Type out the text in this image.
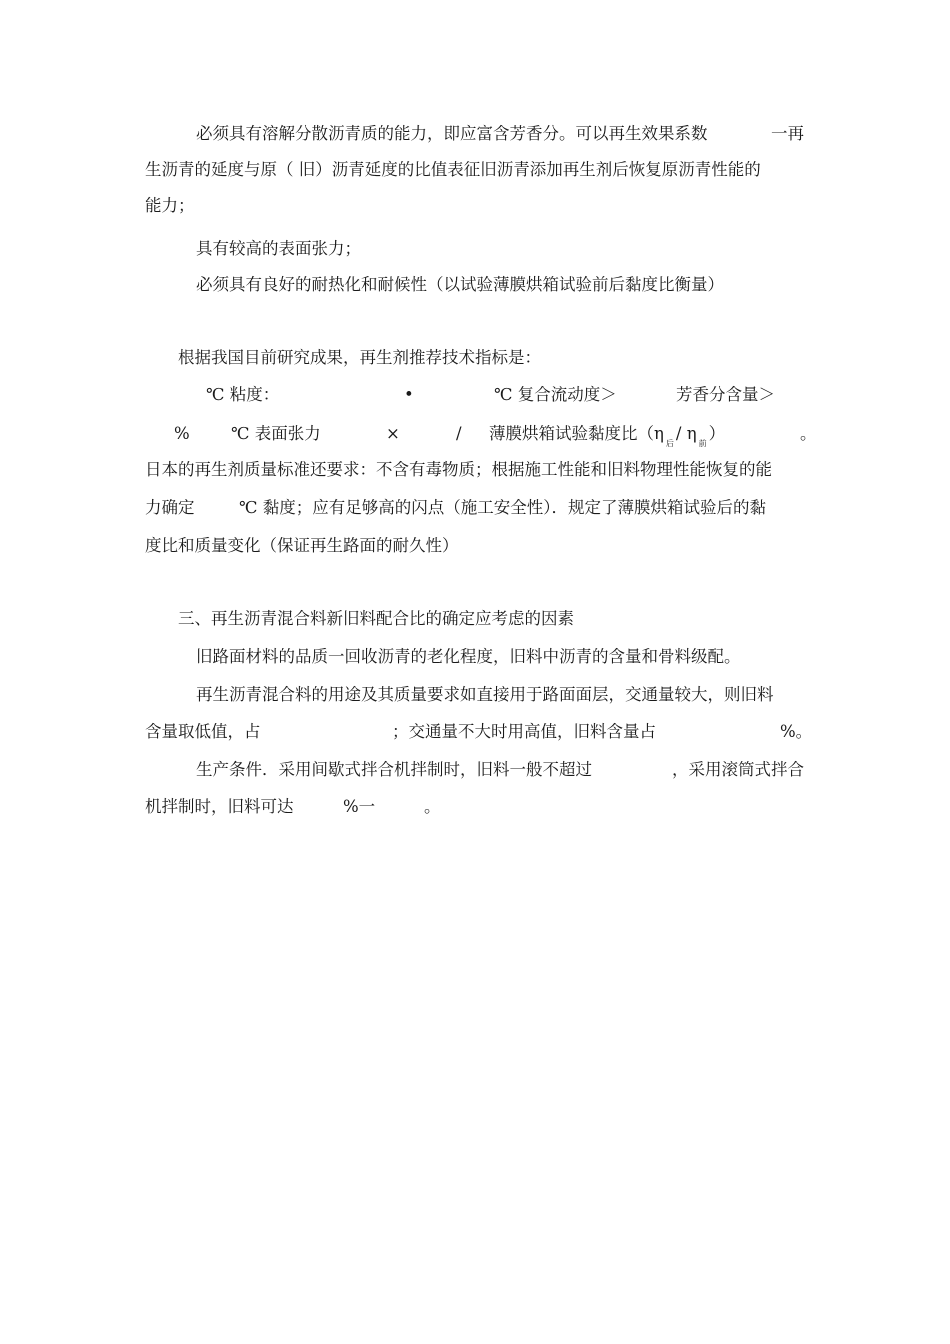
必须具有溶解分散沥青质的能力，即应富含芳香分。可以再生效果系数	一再
生沥青的延度与原（ 旧）沥青延度的比值表征旧沥青添加再生剂后恢复原沥青性能的
能力；
具有较高的表面张力；
必须具有良好的耐热化和耐候性（以试验薄膜烘箱试验前后黏度比衡量）
根据我国目前研究成果，再生剂推荐技术指标是：
℃ 粘度：	•	℃ 复合流动度＞	芳香分含量＞
%	℃ 表面张力	×	/ 薄膜烘箱试验黏度比（$\eta_后/$ $\eta_前$）	。
日本的再生剂质量标准还要求：不含有毒物质；根据施工性能和旧料物理性能恢复的能
力确定	℃ 黏度；应有足够高的闪点（施工安全性）．规定了薄膜烘箱试验后的黏
度比和质量变化（保证再生路面的耐久性）
三、再生沥青混合料新旧料配合比的确定应考虑的因素
旧路面材料的品质一回收沥青的老化程度，旧料中沥青的含量和骨料级配。
再生沥青混合料的用途及其质量要求如直接用于路面面层，交通量较大，则旧料
含量取低值，占	；交通量不大时用高值，旧料含量占	%。
生产条件．采用间歇式拌合机拌制时，旧料一般不超过	，采用滚筒式拌合
机拌制时，旧料可达	%一	。
